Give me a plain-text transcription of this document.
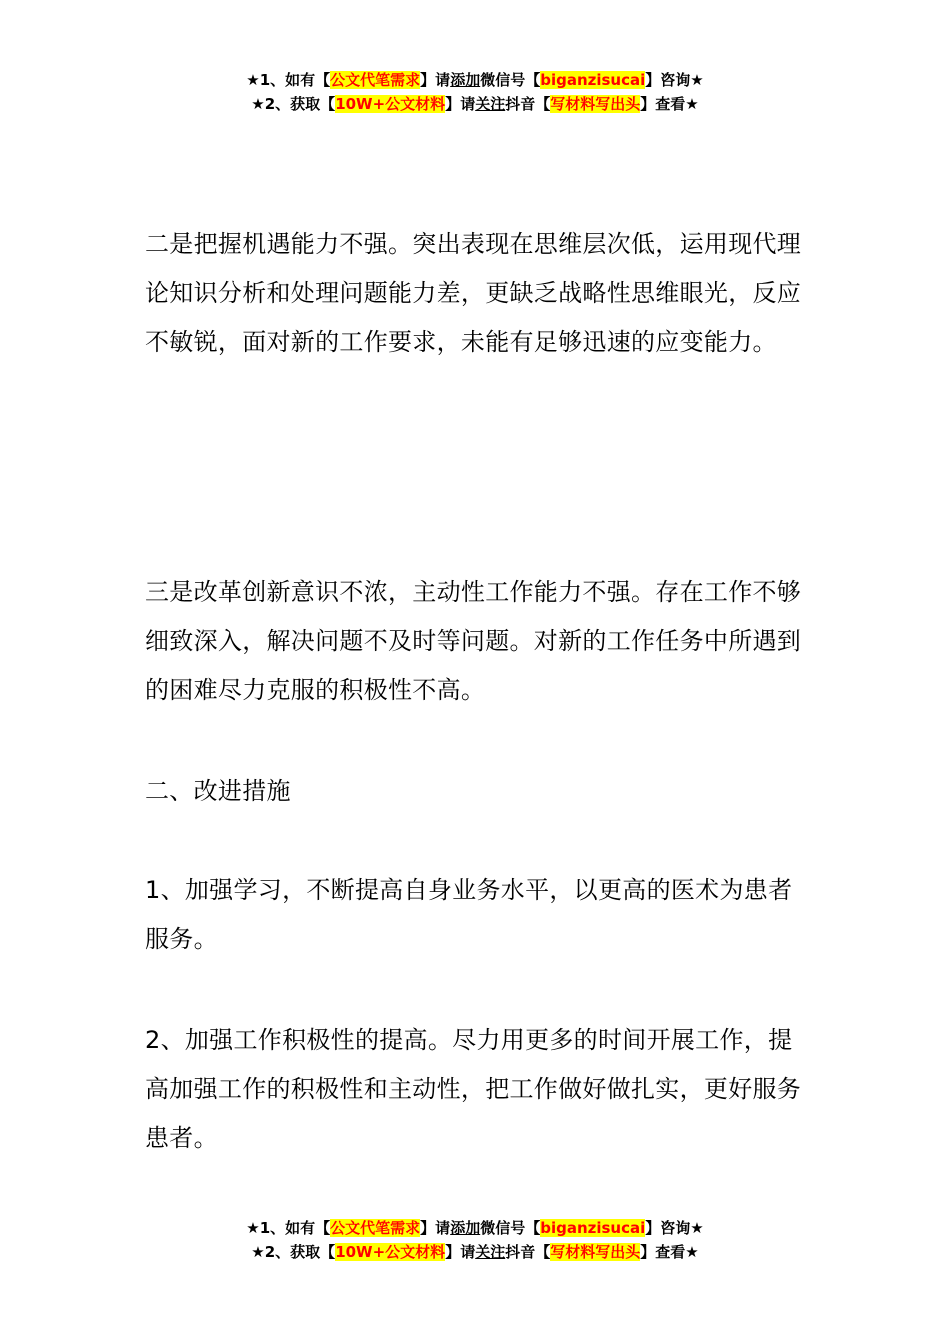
★1、如有【公文代笔需求】请添加微信号【biganzisucai】咨询★
★2、获取【10W+公文材料】请关注抖音【写材料写出头】查看★

二是把握机遇能力不强。突出表现在思维层次低，运用现代理论知识分析和处理问题能力差，更缺乏战略性思维眼光，反应不敏锐，面对新的工作要求，未能有足够迅速的应变能力。

三是改革创新意识不浓，主动性工作能力不强。存在工作不够细致深入，解决问题不及时等问题。对新的工作任务中所遇到的困难尽力克服的积极性不高。

二、改进措施

1、加强学习，不断提高自身业务水平，以更高的医术为患者服务。

2、加强工作积极性的提高。尽力用更多的时间开展工作，提高加强工作的积极性和主动性，把工作做好做扎实，更好服务患者。

★1、如有【公文代笔需求】请添加微信号【biganzisucai】咨询★
★2、获取【10W+公文材料】请关注抖音【写材料写出头】查看★
